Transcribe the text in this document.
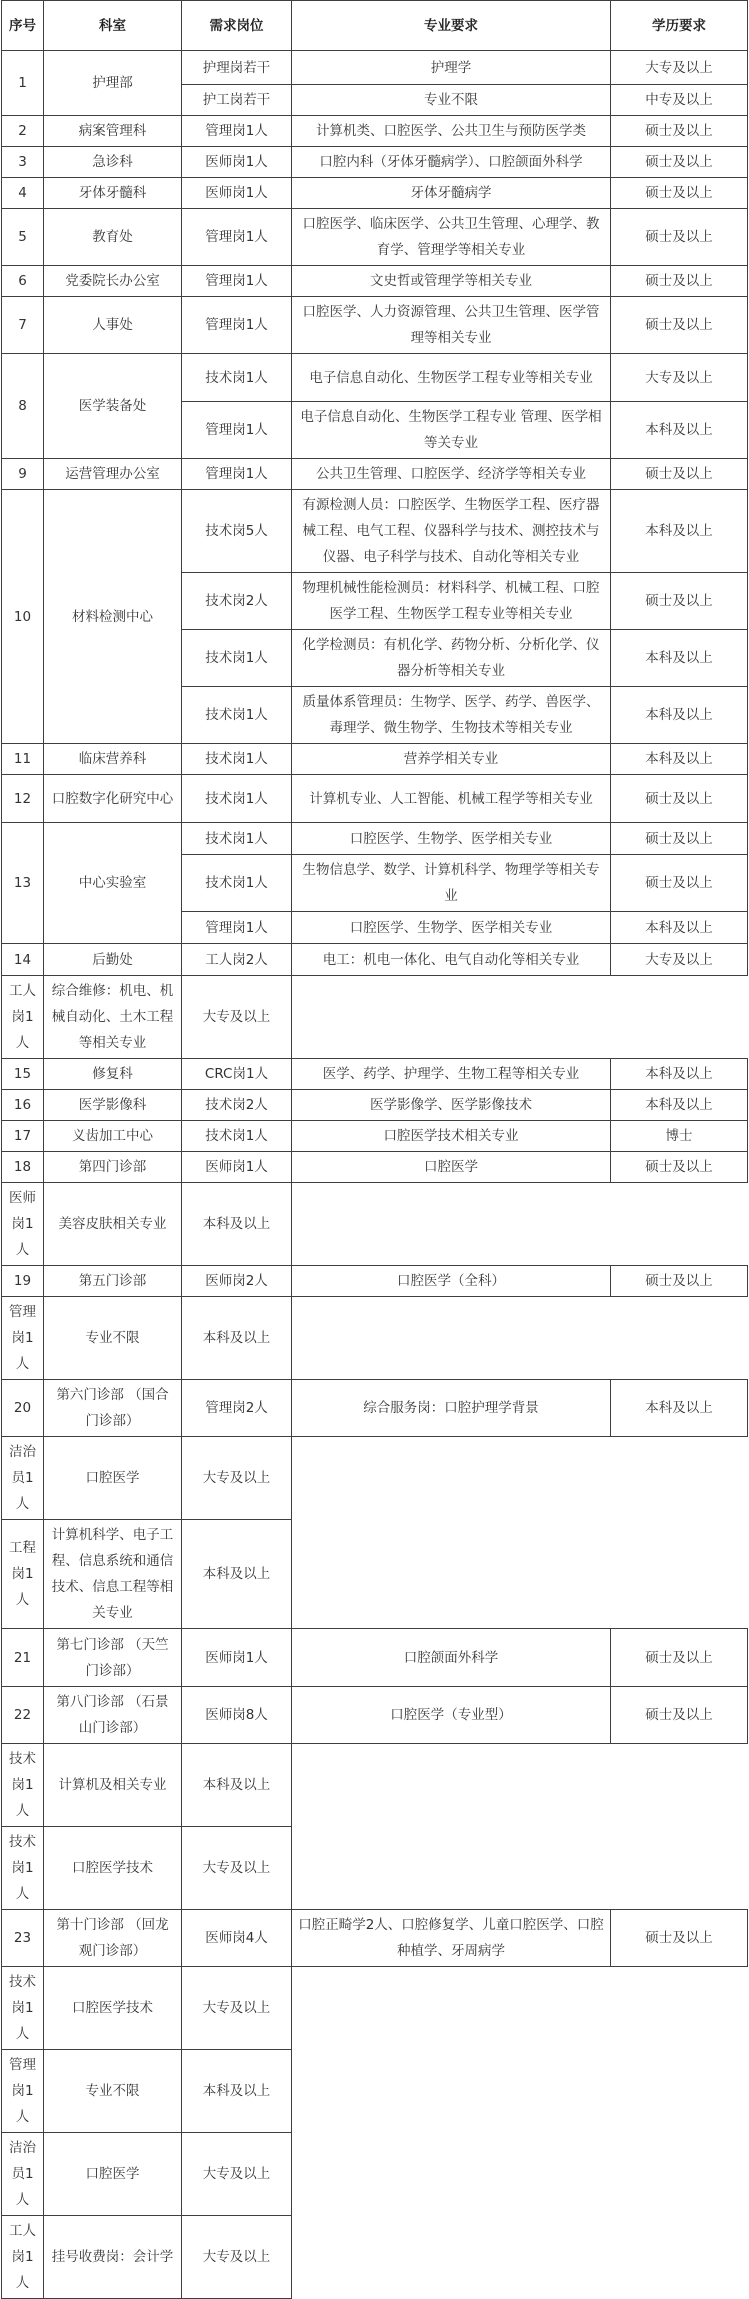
序号	科室	需求岗位	专业要求	学历要求
1	护理部	护理岗若干	护理学	大专及以上
		护工岗若干	专业不限	中专及以上
2	病案管理科	管理岗1人	计算机类、口腔医学、公共卫生与预防医学类	硕士及以上
3	急诊科	医师岗1人	口腔内科（牙体牙髓病学）、口腔颌面外科学	硕士及以上
4	牙体牙髓科	医师岗1人	牙体牙髓病学	硕士及以上
5	教育处	管理岗1人	口腔医学、临床医学、公共卫生管理、心理学、教育学、管理学等相关专业	硕士及以上
6	党委院长办公室	管理岗1人	文史哲或管理学等相关专业	硕士及以上
7	人事处	管理岗1人	口腔医学、人力资源管理、公共卫生管理、医学管理等相关专业	硕士及以上
8	医学装备处	技术岗1人	电子信息自动化、生物医学工程专业等相关专业	大专及以上
		管理岗1人	电子信息自动化、生物医学工程专业 管理、医学相等关专业	本科及以上
9	运营管理办公室	管理岗1人	公共卫生管理、口腔医学、经济学等相关专业	硕士及以上
10	材料检测中心	技术岗5人	有源检测人员：口腔医学、生物医学工程、医疗器械工程、电气工程、仪器科学与技术、测控技术与仪器、电子科学与技术、自动化等相关专业	本科及以上
		技术岗2人	物理机械性能检测员：材料科学、机械工程、口腔医学工程、生物医学工程专业等相关专业	硕士及以上
		技术岗1人	化学检测员：有机化学、药物分析、分析化学、仪器分析等相关专业	本科及以上
		技术岗1人	质量体系管理员：生物学、医学、药学、兽医学、毒理学、微生物学、生物技术等相关专业	本科及以上
11	临床营养科	技术岗1人	营养学相关专业	本科及以上
12	口腔数字化研究中心	技术岗1人	计算机专业、人工智能、机械工程学等相关专业	硕士及以上
13	中心实验室	技术岗1人	口腔医学、生物学、医学相关专业	硕士及以上
		技术岗1人	生物信息学、数学、计算机科学、物理学等相关专业	硕士及以上
		管理岗1人	口腔医学、生物学、医学相关专业	本科及以上
14	后勤处	工人岗2人	电工：机电一体化、电气自动化等相关专业	大专及以上
工人岗1人	综合维修：机电、机械自动化、土木工程等相关专业	大专及以上		
15	修复科	CRC岗1人	医学、药学、护理学、生物工程等相关专业	本科及以上
16	医学影像科	技术岗2人	医学影像学、医学影像技术	本科及以上
17	义齿加工中心	技术岗1人	口腔医学技术相关专业	博士
18	第四门诊部	医师岗1人	口腔医学	硕士及以上
医师岗1人	美容皮肤相关专业	本科及以上		
19	第五门诊部	医师岗2人	口腔医学（全科）	硕士及以上
管理岗1人	专业不限	本科及以上		
20	第六门诊部 （国合门诊部）	管理岗2人	综合服务岗：口腔护理学背景	本科及以上
洁治员1人	口腔医学	大专及以上		
工程岗1人	计算机科学、电子工程、信息系统和通信技术、信息工程等相关专业	本科及以上		
21	第七门诊部 （天竺门诊部）	医师岗1人	口腔颌面外科学	硕士及以上
22	第八门诊部 （石景山门诊部）	医师岗8人	口腔医学（专业型）	硕士及以上
技术岗1人	计算机及相关专业	本科及以上		
技术岗1人	口腔医学技术	大专及以上		
23	第十门诊部 （回龙观门诊部）	医师岗4人	口腔正畸学2人、口腔修复学、儿童口腔医学、口腔种植学、牙周病学	硕士及以上
技术岗1人	口腔医学技术	大专及以上		
管理岗1人	专业不限	本科及以上		
洁治员1人	口腔医学	大专及以上		
工人岗1人	挂号收费岗：会计学	大专及以上		
